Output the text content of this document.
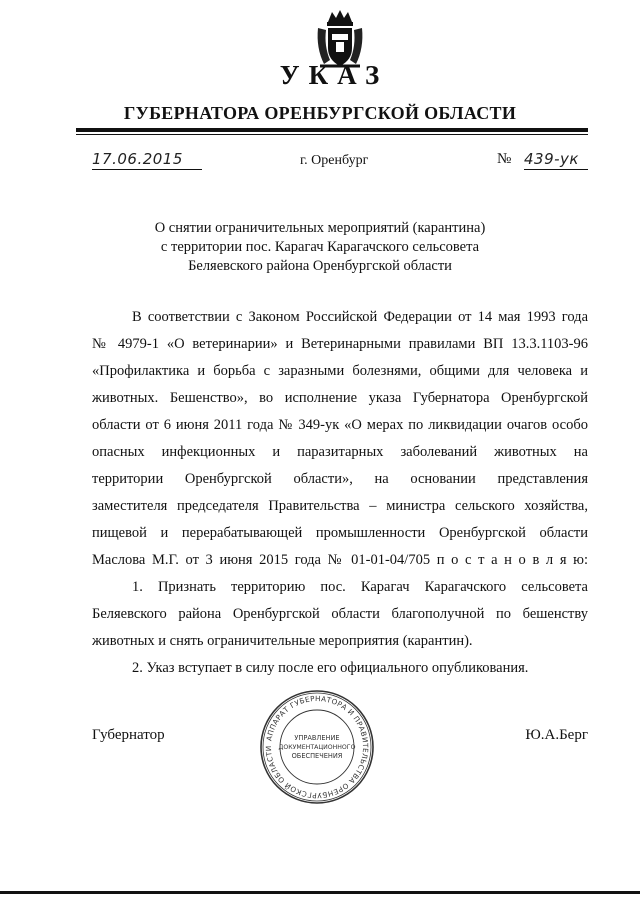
УКАЗ
ГУБЕРНАТОРА ОРЕНБУРГСКОЙ ОБЛАСТИ
17.06.2015	г. Оренбург	№ 439-ук
О снятии ограничительных мероприятий (карантина)
с территории пос. Карагач Карагачского сельсовета
Беляевского района Оренбургской области
В соответствии с Законом Российской Федерации от 14 мая 1993 года
№ 4979-1 «О ветеринарии» и Ветеринарными правилами ВП 13.3.1103-96
«Профилактика и борьба с заразными болезнями, общими для человека и
животных. Бешенство», во исполнение указа Губернатора Оренбургской
области от 6 июня 2011 года № 349-ук «О мерах по ликвидации очагов особо
опасных инфекционных и паразитарных заболеваний животных на
территории Оренбургской области», на основании представления
заместителя председателя Правительства – министра сельского хозяйства,
пищевой и перерабатывающей промышленности Оренбургской области
Маслова М.Г. от 3 июня 2015 года № 01-01-04/705 п о с т а н о в л я ю:
1. Признать территорию пос. Карагач Карагачского сельсовета
Беляевского района Оренбургской области благополучной по бешенству
животных и снять ограничительные мероприятия (карантин).
2. Указ вступает в силу после его официального опубликования.
Губернатор	Ю.А.Берг
АППАРАТ ГУБЕРНАТОРА И ПРАВИТЕЛЬСТВА ОРЕНБУРГСКОЙ ОБЛАСТИ
УПРАВЛЕНИЕ
ДОКУМЕНТАЦИОННОГО
ОБЕСПЕЧЕНИЯ
